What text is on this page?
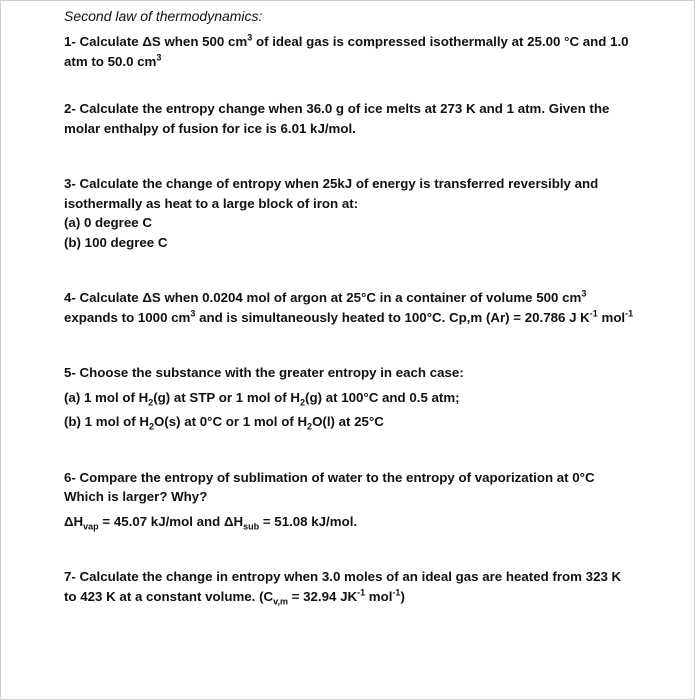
Second law of thermodynamics:

1- Calculate ΔS when 500 $cm^3$ of ideal gas is compressed isothermally at 25.00 °C and 1.0

atm to 50.0 $cm^3$

2- Calculate the entropy change when 36.0 g of ice melts at 273 K and 1 atm. Given the

molar enthalpy of fusion for ice is 6.01 kJ/mol.

3- Calculate the change of entropy when 25kJ of energy is transferred reversibly and

isothermally as heat to a large block of iron at:

(a) 0 degree C

(b) 100 degree C

4- Calculate ΔS when 0.0204 mol of argon at 25°C in a container of volume 500 $cm^3$

expands to 1000 $cm^3$ and is simultaneously heated to 100°C. Cp,m (Ar) = 20.786 J $K^{-1}$ mol$^{-1}$

5- Choose the substance with the greater entropy in each case:

(a) 1 mol of $H_2(g)$ at STP or 1 mol of $H_2(g)$ at 100°C and 0.5 atm;

(b) 1 mol of $H_2O(s)$ at 0°C or 1 mol of $H_2O(l)$ at 25°C

6- Compare the entropy of sublimation of water to the entropy of vaporization at 0°C

Which is larger? Why?

$\Delta H_{vap} = 45.07$ kJ/mol and $\Delta H_{sub} = 51.08$ kJ/mol.

7- Calculate the change in entropy when 3.0 moles of an ideal gas are heated from 323 K

to 423 K at a constant volume. ($C_{v,m} = 32.94$ $JK^{-1}$ mol$^{-1}$)
